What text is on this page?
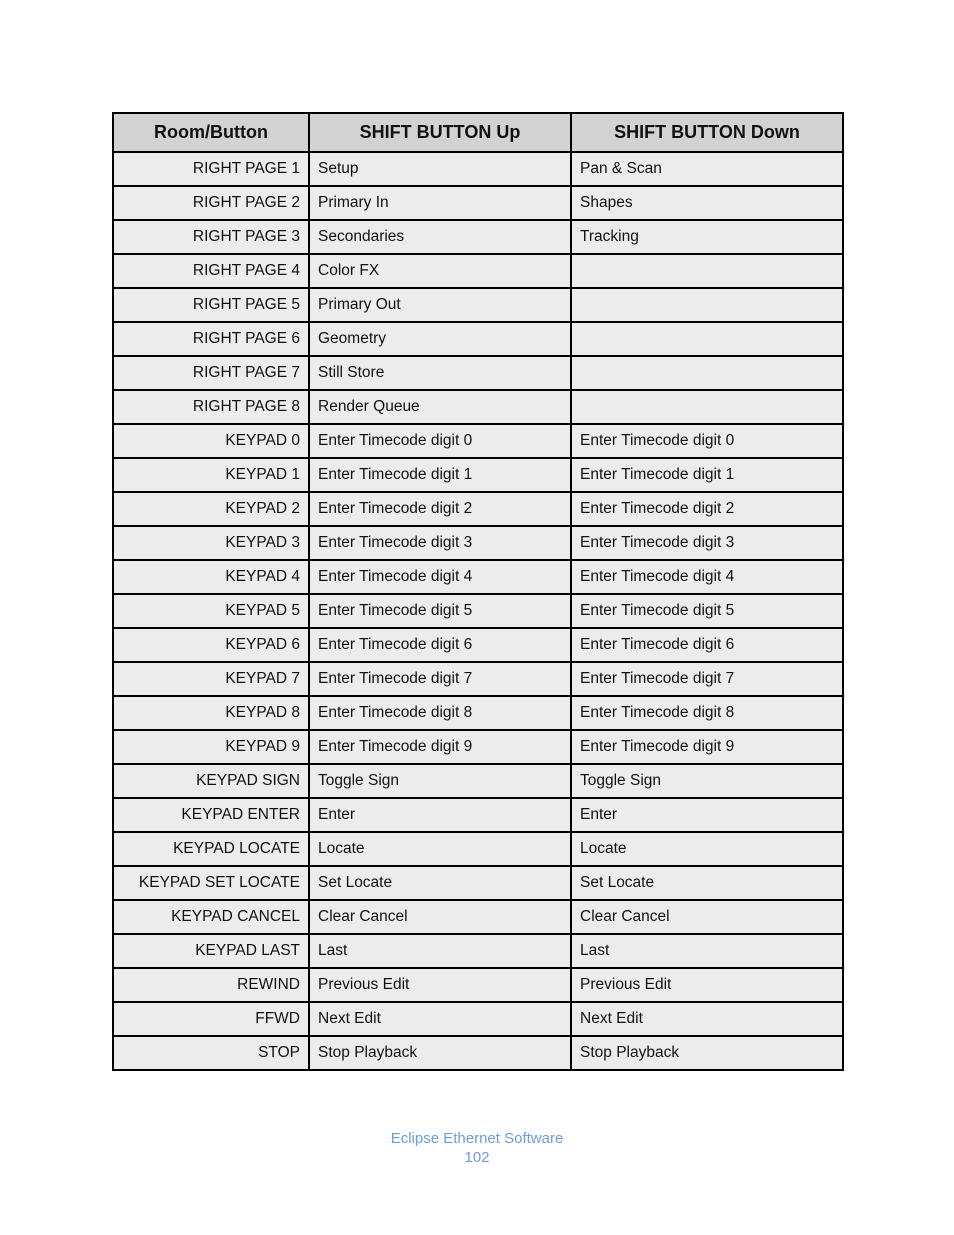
Room/Button	SHIFT BUTTON Up	SHIFT BUTTON Down
RIGHT PAGE 1	Setup	Pan & Scan
RIGHT PAGE 2	Primary In	Shapes
RIGHT PAGE 3	Secondaries	Tracking
RIGHT PAGE 4	Color FX	
RIGHT PAGE 5	Primary Out	
RIGHT PAGE 6	Geometry	
RIGHT PAGE 7	Still Store	
RIGHT PAGE 8	Render Queue	
KEYPAD 0	Enter Timecode digit 0	Enter Timecode digit 0
KEYPAD 1	Enter Timecode digit 1	Enter Timecode digit 1
KEYPAD 2	Enter Timecode digit 2	Enter Timecode digit 2
KEYPAD 3	Enter Timecode digit 3	Enter Timecode digit 3
KEYPAD 4	Enter Timecode digit 4	Enter Timecode digit 4
KEYPAD 5	Enter Timecode digit 5	Enter Timecode digit 5
KEYPAD 6	Enter Timecode digit 6	Enter Timecode digit 6
KEYPAD 7	Enter Timecode digit 7	Enter Timecode digit 7
KEYPAD 8	Enter Timecode digit 8	Enter Timecode digit 8
KEYPAD 9	Enter Timecode digit 9	Enter Timecode digit 9
KEYPAD SIGN	Toggle Sign	Toggle Sign
KEYPAD ENTER	Enter	Enter
KEYPAD LOCATE	Locate	Locate
KEYPAD SET LOCATE	Set Locate	Set Locate
KEYPAD CANCEL	Clear Cancel	Clear Cancel
KEYPAD LAST	Last	Last
REWIND	Previous Edit	Previous Edit
FFWD	Next Edit	Next Edit
STOP	Stop Playback	Stop Playback
Eclipse Ethernet Software
102
